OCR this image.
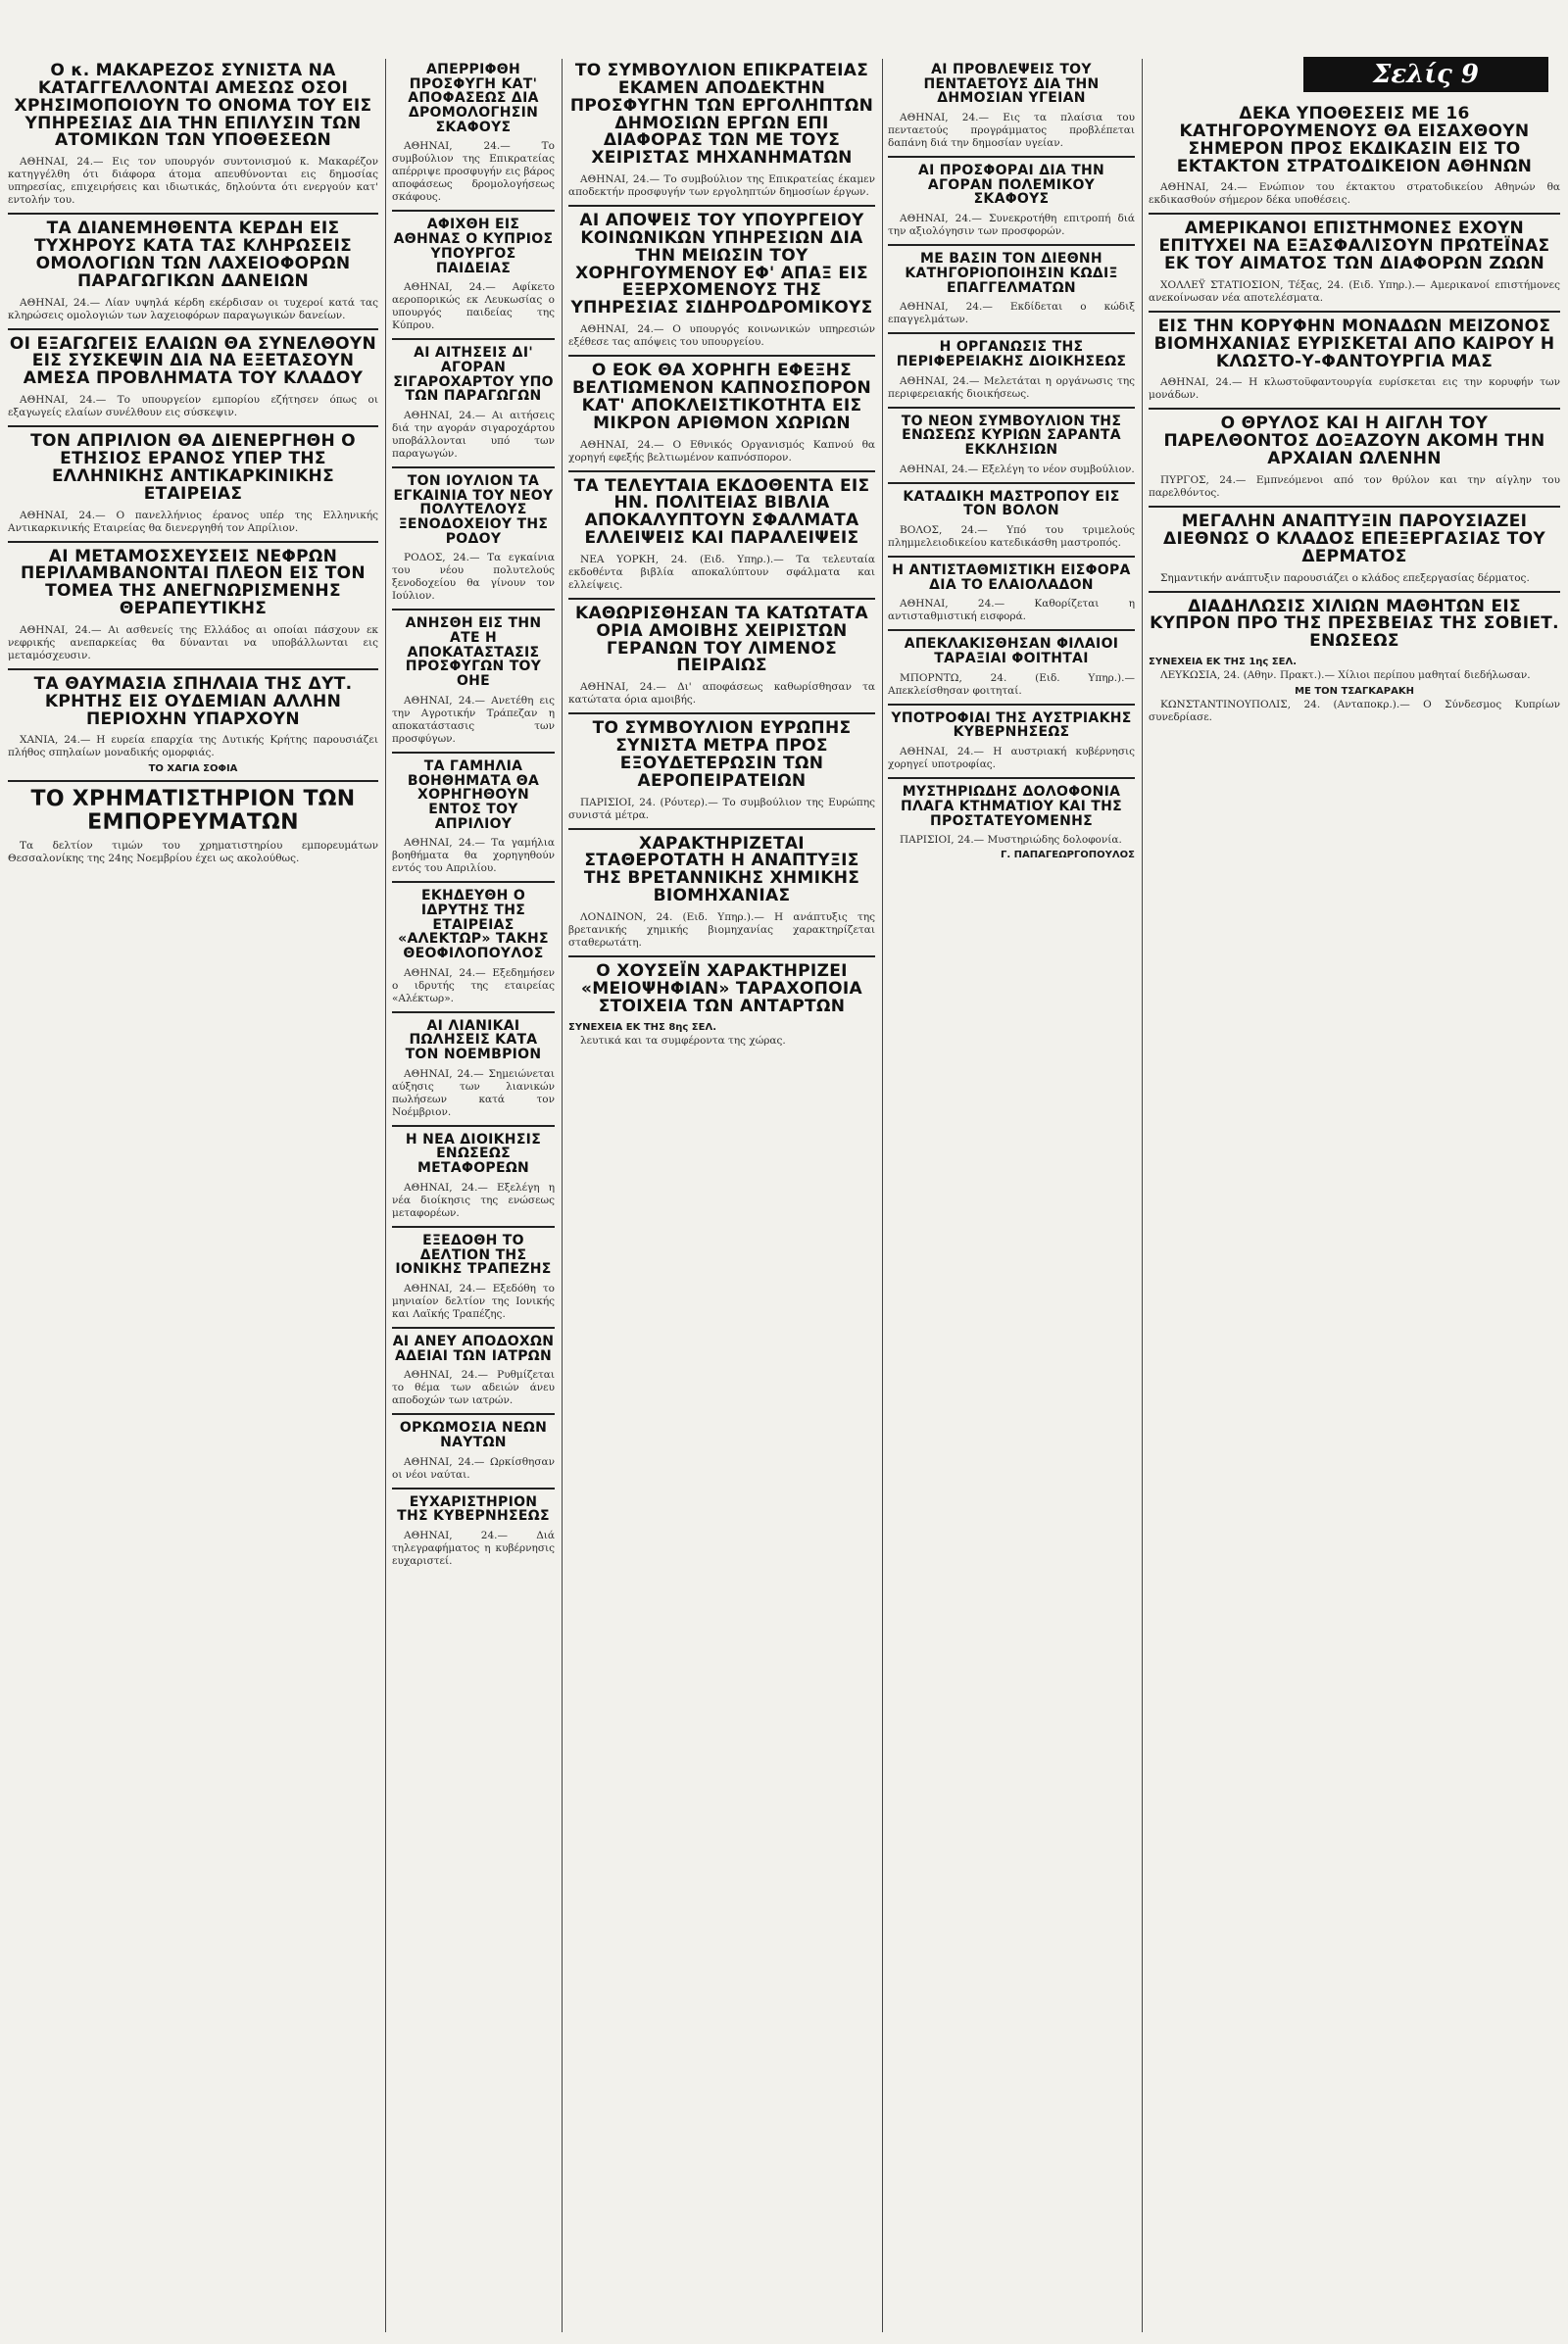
Σελίς 9
Ο κ. ΜΑΚΑΡΕΖΟΣ ΣΥΝΙΣΤΑ ΝΑ ΚΑΤΑΓΓΕΛΛΟΝΤΑΙ ΑΜΕΣΩΣ ΟΣΟΙ ΧΡΗΣΙΜΟΠΟΙΟΥΝ ΤΟ ΟΝΟΜΑ ΤΟΥ ΕΙΣ ΥΠΗΡΕΣΙΑΣ ΔΙΑ ΤΗΝ ΕΠΙΛΥΣΙΝ ΤΩΝ ΑΤΟΜΙΚΩΝ ΤΩΝ ΥΠΟΘΕΣΕΩΝ

ΑΘΗΝΑΙ, 24.— Εις τον υπουργόν συντονισμού κ. Μακαρέζον κατηγγέλθη ότι διάφορα άτομα απευθύνονται εις δημοσίας υπηρεσίας, επιχειρήσεις και ιδιωτικάς, δηλούντα ότι ενεργούν κατ' εντολήν του.

ΤΑ ΔΙΑΝΕΜΗΘΕΝΤΑ ΚΕΡΔΗ ΕΙΣ ΤΥΧΗΡΟΥΣ ΚΑΤΑ ΤΑΣ ΚΛΗΡΩΣΕΙΣ ΟΜΟΛΟΓΙΩΝ ΤΩΝ ΛΑΧΕΙΟΦΟΡΩΝ ΠΑΡΑΓΩΓΙΚΩΝ ΔΑΝΕΙΩΝ

ΑΘΗΝΑΙ, 24.— Λίαν υψηλά κέρδη εκέρδισαν οι τυχεροί κατά τας κληρώσεις ομολογιών των λαχειοφόρων παραγωγικών δανείων.

ΟΙ ΕΞΑΓΩΓΕΙΣ ΕΛΑΙΩΝ ΘΑ ΣΥΝΕΛΘΟΥΝ ΕΙΣ ΣΥΣΚΕΨΙΝ ΔΙΑ ΝΑ ΕΞΕΤΑΣΟΥΝ ΑΜΕΣΑ ΠΡΟΒΛΗΜΑΤΑ ΤΟΥ ΚΛΑΔΟΥ

ΑΘΗΝΑΙ, 24.— Το υπουργείον εμπορίου εζήτησεν όπως οι εξαγωγείς ελαίων συνέλθουν εις σύσκεψιν.

ΤΟΝ ΑΠΡΙΛΙΟΝ ΘΑ ΔΙΕΝΕΡΓΗΘΗ Ο ΕΤΗΣΙΟΣ ΕΡΑΝΟΣ ΥΠΕΡ ΤΗΣ ΕΛΛΗΝΙΚΗΣ ΑΝΤΙΚΑΡΚΙΝΙΚΗΣ ΕΤΑΙΡΕΙΑΣ

ΑΘΗΝΑΙ, 24.— Ο πανελλήνιος έρανος υπέρ της Ελληνικής Αντικαρκινικής Εταιρείας θα διενεργηθή τον Απρίλιον.

ΑΙ ΜΕΤΑΜΟΣΧΕΥΣΕΙΣ ΝΕΦΡΩΝ ΠΕΡΙΛΑΜΒΑΝΟΝΤΑΙ ΠΛΕΟΝ ΕΙΣ ΤΟΝ ΤΟΜΕΑ ΤΗΣ ΑΝΕΓΝΩΡΙΣΜΕΝΗΣ ΘΕΡΑΠΕΥΤΙΚΗΣ

ΑΘΗΝΑΙ, 24.— Αι ασθενείς της Ελλάδος αι οποίαι πάσχουν εκ νεφρικής ανεπαρκείας θα δύνανται να υποβάλλωνται εις μεταμόσχευσιν.

ΤΑ ΘΑΥΜΑΣΙΑ ΣΠΗΛΑΙΑ ΤΗΣ ΔΥΤ. ΚΡΗΤΗΣ ΕΙΣ ΟΥΔΕΜΙΑΝ ΑΛΛΗΝ ΠΕΡΙΟΧΗΝ ΥΠΑΡΧΟΥΝ

ΧΑΝΙΑ, 24.— Η ευρεία επαρχία της Δυτικής Κρήτης παρουσιάζει πλήθος σπηλαίων μοναδικής ομορφιάς.

ΤΟ ΧΑΓΙΑ ΣΟΦΙΑ
ΤΟ ΧΡΗΜΑΤΙΣΤΗΡΙΟΝ ΤΩΝ ΕΜΠΟΡΕΥΜΑΤΩΝ

Τα δελτίον τιμών του χρηματιστηρίου εμπορευμάτων Θεσσαλονίκης της 24ης Νοεμβρίου έχει ως ακολούθως.

ΑΠΕΡΡΙΦΘΗ ΠΡΟΣΦΥΓΗ ΚΑΤ' ΑΠΟΦΑΣΕΩΣ ΔΙΑ ΔΡΟΜΟΛΟΓΗΣΙΝ ΣΚΑΦΟΥΣ

ΑΘΗΝΑΙ, 24.— Το συμβούλιον της Επικρατείας απέρριψε προσφυγήν εις βάρος αποφάσεως δρομολογήσεως σκάφους.

ΑΦΙΧΘΗ ΕΙΣ ΑΘΗΝΑΣ Ο ΚΥΠΡΙΟΣ ΥΠΟΥΡΓΟΣ ΠΑΙΔΕΙΑΣ

ΑΘΗΝΑΙ, 24.— Αφίκετο αεροπορικώς εκ Λευκωσίας ο υπουργός παιδείας της Κύπρου.

ΑΙ ΑΙΤΗΣΕΙΣ ΔΙ' ΑΓΟΡΑΝ ΣΙΓΑΡΟΧΑΡΤΟΥ ΥΠΟ ΤΩΝ ΠΑΡΑΓΩΓΩΝ

ΑΘΗΝΑΙ, 24.— Αι αιτήσεις διά την αγοράν σιγαροχάρτου υποβάλλονται υπό των παραγωγών.

ΤΟΝ ΙΟΥΛΙΟΝ ΤΑ ΕΓΚΑΙΝΙΑ ΤΟΥ ΝΕΟΥ ΠΟΛΥΤΕΛΟΥΣ ΞΕΝΟΔΟΧΕΙΟΥ ΤΗΣ ΡΟΔΟΥ

ΡΟΔΟΣ, 24.— Τα εγκαίνια του νέου πολυτελούς ξενοδοχείου θα γίνουν τον Ιούλιον.

ΑΝΗΣΘΗ ΕΙΣ ΤΗΝ ΑΤΕ Η ΑΠΟΚΑΤΑΣΤΑΣΙΣ ΠΡΟΣΦΥΓΩΝ ΤΟΥ ΟΗΕ

ΑΘΗΝΑΙ, 24.— Ανετέθη εις την Αγροτικήν Τράπεζαν η αποκατάστασις των προσφύγων.

ΤΑ ΓΑΜΗΛΙΑ ΒΟΗΘΗΜΑΤΑ ΘΑ ΧΟΡΗΓΗΘΟΥΝ ΕΝΤΟΣ ΤΟΥ ΑΠΡΙΛΙΟΥ

ΑΘΗΝΑΙ, 24.— Τα γαμήλια βοηθήματα θα χορηγηθούν εντός του Απριλίου.

ΕΚΗΔΕΥΘΗ Ο ΙΔΡΥΤΗΣ ΤΗΣ ΕΤΑΙΡΕΙΑΣ «ΑΛΕΚΤΩΡ» ΤΑΚΗΣ ΘΕΟΦΙΛΟΠΟΥΛΟΣ

ΑΘΗΝΑΙ, 24.— Εξεδημήσεν ο ιδρυτής της εταιρείας «Αλέκτωρ».

ΑΙ ΛΙΑΝΙΚΑΙ ΠΩΛΗΣΕΙΣ ΚΑΤΑ ΤΟΝ ΝΟΕΜΒΡΙΟΝ

ΑΘΗΝΑΙ, 24.— Σημειώνεται αύξησις των λιανικών πωλήσεων κατά τον Νοέμβριον.

Η ΝΕΑ ΔΙΟΙΚΗΣΙΣ ΕΝΩΣΕΩΣ ΜΕΤΑΦΟΡΕΩΝ

ΑΘΗΝΑΙ, 24.— Εξελέγη η νέα διοίκησις της ενώσεως μεταφορέων.

ΕΞΕΔΟΘΗ ΤΟ ΔΕΛΤΙΟΝ ΤΗΣ ΙΟΝΙΚΗΣ ΤΡΑΠΕΖΗΣ

ΑΘΗΝΑΙ, 24.— Εξεδόθη το μηνιαίον δελτίον της Ιονικής και Λαϊκής Τραπέζης.

ΑΙ ΑΝΕΥ ΑΠΟΔΟΧΩΝ ΑΔΕΙΑΙ ΤΩΝ ΙΑΤΡΩΝ

ΑΘΗΝΑΙ, 24.— Ρυθμίζεται το θέμα των αδειών άνευ αποδοχών των ιατρών.

ΟΡΚΩΜΟΣΙΑ ΝΕΩΝ ΝΑΥΤΩΝ

ΑΘΗΝΑΙ, 24.— Ωρκίσθησαν οι νέοι ναύται.

ΕΥΧΑΡΙΣΤΗΡΙΟΝ ΤΗΣ ΚΥΒΕΡΝΗΣΕΩΣ

ΑΘΗΝΑΙ, 24.— Διά τηλεγραφήματος η κυβέρνησις ευχαριστεί.

ΤΟ ΣΥΜΒΟΥΛΙΟΝ ΕΠΙΚΡΑΤΕΙΑΣ ΕΚΑΜΕΝ ΑΠΟΔΕΚΤΗΝ ΠΡΟΣΦΥΓΗΝ ΤΩΝ ΕΡΓΟΛΗΠΤΩΝ ΔΗΜΟΣΙΩΝ ΕΡΓΩΝ ΕΠΙ ΔΙΑΦΟΡΑΣ ΤΩΝ ΜΕ ΤΟΥΣ ΧΕΙΡΙΣΤΑΣ ΜΗΧΑΝΗΜΑΤΩΝ

ΑΘΗΝΑΙ, 24.— Το συμβούλιον της Επικρατείας έκαμεν αποδεκτήν προσφυγήν των εργοληπτών δημοσίων έργων.

ΑΙ ΑΠΟΨΕΙΣ ΤΟΥ ΥΠΟΥΡΓΕΙΟΥ ΚΟΙΝΩΝΙΚΩΝ ΥΠΗΡΕΣΙΩΝ ΔΙΑ ΤΗΝ ΜΕΙΩΣΙΝ ΤΟΥ ΧΟΡΗΓΟΥΜΕΝΟΥ ΕΦ' ΑΠΑΞ ΕΙΣ ΕΞΕΡΧΟΜΕΝΟΥΣ ΤΗΣ ΥΠΗΡΕΣΙΑΣ ΣΙΔΗΡΟΔΡΟΜΙΚΟΥΣ

ΑΘΗΝΑΙ, 24.— Ο υπουργός κοινωνικών υπηρεσιών εξέθεσε τας απόψεις του υπουργείου.

Ο ΕΟΚ ΘΑ ΧΟΡΗΓΗ ΕΦΕΞΗΣ ΒΕΛΤΙΩΜΕΝΟΝ ΚΑΠΝΟΣΠΟΡΟΝ ΚΑΤ' ΑΠΟΚΛΕΙΣΤΙΚΟΤΗΤΑ ΕΙΣ ΜΙΚΡΟΝ ΑΡΙΘΜΟΝ ΧΩΡΙΩΝ

ΑΘΗΝΑΙ, 24.— Ο Εθνικός Οργανισμός Καπνού θα χορηγή εφεξής βελτιωμένον καπνόσπορον.

ΤΑ ΤΕΛΕΥΤΑΙΑ ΕΚΔΟΘΕΝΤΑ ΕΙΣ ΗΝ. ΠΟΛΙΤΕΙΑΣ ΒΙΒΛΙΑ ΑΠΟΚΑΛΥΠΤΟΥΝ ΣΦΑΛΜΑΤΑ ΕΛΛΕΙΨΕΙΣ ΚΑΙ ΠΑΡΑΛΕΙΨΕΙΣ

ΝΕΑ ΥΟΡΚΗ, 24. (Ειδ. Υπηρ.).— Τα τελευταία εκδοθέντα βιβλία αποκαλύπτουν σφάλματα και ελλείψεις.

ΚΑΘΩΡΙΣΘΗΣΑΝ ΤΑ ΚΑΤΩΤΑΤΑ ΟΡΙΑ ΑΜΟΙΒΗΣ ΧΕΙΡΙΣΤΩΝ ΓΕΡΑΝΩΝ ΤΟΥ ΛΙΜΕΝΟΣ ΠΕΙΡΑΙΩΣ

ΑΘΗΝΑΙ, 24.— Δι' αποφάσεως καθωρίσθησαν τα κατώτατα όρια αμοιβής.

ΤΟ ΣΥΜΒΟΥΛΙΟΝ ΕΥΡΩΠΗΣ ΣΥΝΙΣΤΑ ΜΕΤΡΑ ΠΡΟΣ ΕΞΟΥΔΕΤΕΡΩΣΙΝ ΤΩΝ ΑΕΡΟΠΕΙΡΑΤΕΙΩΝ

ΠΑΡΙΣΙΟΙ, 24. (Ρόυτερ).— Το συμβούλιον της Ευρώπης συνιστά μέτρα.

ΧΑΡΑΚΤΗΡΙΖΕΤΑΙ ΣΤΑΘΕΡΟΤΑΤΗ Η ΑΝΑΠΤΥΞΙΣ ΤΗΣ ΒΡΕΤΑΝΝΙΚΗΣ ΧΗΜΙΚΗΣ ΒΙΟΜΗΧΑΝΙΑΣ

ΛΟΝΔΙΝΟΝ, 24. (Ειδ. Υπηρ.).— Η ανάπτυξις της βρετανικής χημικής βιομηχανίας χαρακτηρίζεται σταθερωτάτη.

Ο ΧΟΥΣΕΪΝ ΧΑΡΑΚΤΗΡΙΖΕΙ «ΜΕΙΟΨΗΦΙΑΝ» ΤΑΡΑΧΟΠΟΙΑ ΣΤΟΙΧΕΙΑ ΤΩΝ ΑΝΤΑΡΤΩΝ
ΣΥΝΕΧΕΙΑ ΕΚ ΤΗΣ 8ης ΣΕΛ.

λευτικά και τα συμφέροντα της χώρας.

ΑΙ ΠΡΟΒΛΕΨΕΙΣ ΤΟΥ ΠΕΝΤΑΕΤΟΥΣ ΔΙΑ ΤΗΝ ΔΗΜΟΣΙΑΝ ΥΓΕΙΑΝ

ΑΘΗΝΑΙ, 24.— Εις τα πλαίσια του πενταετούς προγράμματος προβλέπεται δαπάνη διά την δημοσίαν υγείαν.

ΑΙ ΠΡΟΣΦΟΡΑΙ ΔΙΑ ΤΗΝ ΑΓΟΡΑΝ ΠΟΛΕΜΙΚΟΥ ΣΚΑΦΟΥΣ

ΑΘΗΝΑΙ, 24.— Συνεκροτήθη επιτροπή διά την αξιολόγησιν των προσφορών.

ΜΕ ΒΑΣΙΝ ΤΟΝ ΔΙΕΘΝΗ ΚΑΤΗΓΟΡΙΟΠΟΙΗΣΙΝ ΚΩΔΙΞ ΕΠΑΓΓΕΛΜΑΤΩΝ

ΑΘΗΝΑΙ, 24.— Εκδίδεται ο κώδιξ επαγγελμάτων.

Η ΟΡΓΑΝΩΣΙΣ ΤΗΣ ΠΕΡΙΦΕΡΕΙΑΚΗΣ ΔΙΟΙΚΗΣΕΩΣ

ΑΘΗΝΑΙ, 24.— Μελετάται η οργάνωσις της περιφερειακής διοικήσεως.

ΤΟ ΝΕΟΝ ΣΥΜΒΟΥΛΙΟΝ ΤΗΣ ΕΝΩΣΕΩΣ ΚΥΡΙΩΝ ΣΑΡΑΝΤΑ ΕΚΚΛΗΣΙΩΝ

ΑΘΗΝΑΙ, 24.— Εξελέγη το νέον συμβούλιον.

ΚΑΤΑΔΙΚΗ ΜΑΣΤΡΟΠΟΥ ΕΙΣ ΤΟΝ ΒΟΛΟΝ

ΒΟΛΟΣ, 24.— Υπό του τριμελούς πλημμελειοδικείου κατεδικάσθη μαστροπός.

Η ΑΝΤΙΣΤΑΘΜΙΣΤΙΚΗ ΕΙΣΦΟΡΑ ΔΙΑ ΤΟ ΕΛΑΙΟΛΑΔΟΝ

ΑΘΗΝΑΙ, 24.— Καθορίζεται η αντισταθμιστική εισφορά.

ΑΠΕΚΛΑΚΙΣΘΗΣΑΝ ΦΙΛΑΙΟΙ ΤΑΡΑΞΙΑΙ ΦΟΙΤΗΤΑΙ

ΜΠΟΡΝΤΩ, 24. (Ειδ. Υπηρ.).— Απεκλείσθησαν φοιτηταί.

ΥΠΟΤΡΟΦΙΑΙ ΤΗΣ ΑΥΣΤΡΙΑΚΗΣ ΚΥΒΕΡΝΗΣΕΩΣ

ΑΘΗΝΑΙ, 24.— Η αυστριακή κυβέρνησις χορηγεί υποτροφίας.

ΜΥΣΤΗΡΙΩΔΗΣ ΔΟΛΟΦΟΝΙΑ ΠΛΑΓΑ ΚΤΗΜΑΤΙΟΥ ΚΑΙ ΤΗΣ ΠΡΟΣΤΑΤΕΥΟΜΕΝΗΣ

ΠΑΡΙΣΙΟΙ, 24.— Μυστηριώδης δολοφονία.

Γ. ΠΑΠΑΓΕΩΡΓΟΠΟΥΛΟΣ
ΔΕΚΑ ΥΠΟΘΕΣΕΙΣ ΜΕ 16 ΚΑΤΗΓΟΡΟΥΜΕΝΟΥΣ ΘΑ ΕΙΣΑΧΘΟΥΝ ΣΗΜΕΡΟΝ ΠΡΟΣ ΕΚΔΙΚΑΣΙΝ ΕΙΣ ΤΟ ΕΚΤΑΚΤΟΝ ΣΤΡΑΤΟΔΙΚΕΙΟΝ ΑΘΗΝΩΝ

ΑΘΗΝΑΙ, 24.— Ενώπιον του έκτακτου στρατοδικείου Αθηνών θα εκδικασθούν σήμερον δέκα υποθέσεις.

ΑΜΕΡΙΚΑΝΟΙ ΕΠΙΣΤΗΜΟΝΕΣ ΕΧΟΥΝ ΕΠΙΤΥΧΕΙ ΝΑ ΕΞΑΣΦΑΛΙΣΟΥΝ ΠΡΩΤΕΪΝΑΣ ΕΚ ΤΟΥ ΑΙΜΑΤΟΣ ΤΩΝ ΔΙΑΦΟΡΩΝ ΖΩΩΝ

ΧΟΛΛΕΫ ΣΤΑΤΙΟΣΙΟΝ, Τέξας, 24. (Ειδ. Υπηρ.).— Αμερικανοί επιστήμονες ανεκοίνωσαν νέα αποτελέσματα.

ΕΙΣ ΤΗΝ ΚΟΡΥΦΗΝ ΜΟΝΑΔΩΝ ΜΕΙΖΟΝΟΣ ΒΙΟΜΗΧΑΝΙΑΣ ΕΥΡΙΣΚΕΤΑΙ ΑΠΟ ΚΑΙΡΟΥ Η ΚΛΩΣΤΟ-Υ-ΦΑΝΤΟΥΡΓΙΑ ΜΑΣ

ΑΘΗΝΑΙ, 24.— Η κλωστοϋφαντουργία ευρίσκεται εις την κορυφήν των μονάδων.

Ο ΘΡΥΛΟΣ ΚΑΙ Η ΑΙΓΛΗ ΤΟΥ ΠΑΡΕΛΘΟΝΤΟΣ ΔΟΞΑΖΟΥΝ ΑΚΟΜΗ ΤΗΝ ΑΡΧΑΙΑΝ ΩΛΕΝΗΝ

ΠΥΡΓΟΣ, 24.— Εμπνεόμενοι από τον θρύλον και την αίγλην του παρελθόντος.

ΜΕΓΑΛΗΝ ΑΝΑΠΤΥΞΙΝ ΠΑΡΟΥΣΙΑΖΕΙ ΔΙΕΘΝΩΣ Ο ΚΛΑΔΟΣ ΕΠΕΞΕΡΓΑΣΙΑΣ ΤΟΥ ΔΕΡΜΑΤΟΣ

Σημαντικήν ανάπτυξιν παρουσιάζει ο κλάδος επεξεργασίας δέρματος.

ΔΙΑΔΗΛΩΣΙΣ ΧΙΛΙΩΝ ΜΑΘΗΤΩΝ ΕΙΣ ΚΥΠΡΟΝ ΠΡΟ ΤΗΣ ΠΡΕΣΒΕΙΑΣ ΤΗΣ ΣΟΒΙΕΤ. ΕΝΩΣΕΩΣ
ΣΥΝΕΧΕΙΑ ΕΚ ΤΗΣ 1ης ΣΕΛ.

ΛΕΥΚΩΣΙΑ, 24. (Αθην. Πρακτ.).— Χίλιοι περίπου μαθηταί διεδήλωσαν.

ΜΕ ΤΟΝ ΤΣΑΓΚΑΡΑΚΗ

ΚΩΝΣΤΑΝΤΙΝΟΥΠΟΛΙΣ, 24. (Ανταποκρ.).— Ο Σύνδεσμος Κυπρίων συνεδρίασε.
